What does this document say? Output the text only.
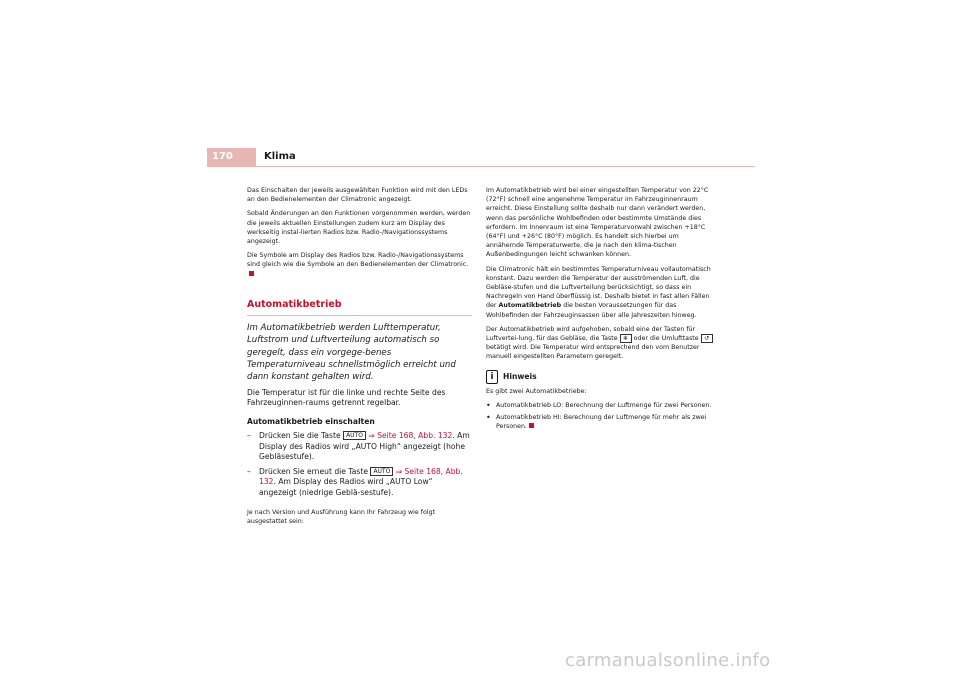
170	Klima

Das Einschalten der jeweils ausgewählten Funktion wird mit den LEDs an den Bedienelementen der Climatronic angezeigt.

Sobald Änderungen an den Funktionen vorgenommen werden, werden die jeweils aktuellen Einstellungen zudem kurz am Display des werkseitig instal-lierten Radios bzw. Radio-/Navigationssystems angezeigt.

Die Symbole am Display des Radios bzw. Radio-/Navigationssystems sind gleich wie die Symbole an den Bedienelementen der Climatronic.

Automatikbetrieb
Im Automatikbetrieb werden Lufttemperatur, Luftstrom und Luftverteilung automatisch so geregelt, dass ein vorgege-benes Temperaturniveau schnellstmöglich erreicht und dann konstant gehalten wird.
Die Temperatur ist für die linke und rechte Seite des Fahrzeuginnen-raums getrennt regelbar.
Automatikbetrieb einschalten
–	Drücken Sie die Taste AUTO ⇒ Seite 168, Abb. 132. Am Display des Radios wird „AUTO High“ angezeigt (hohe Gebläsestufe).
–	Drücken Sie erneut die Taste AUTO ⇒ Seite 168, Abb. 132. Am Display des Radios wird „AUTO Low“ angezeigt (niedrige Geblä-sestufe).

Je nach Version und Ausführung kann Ihr Fahrzeug wie folgt ausgestattet sein:

Im Automatikbetrieb wird bei einer eingestellten Temperatur von 22°C (72°F) schnell eine angenehme Temperatur im Fahrzeuginnenraum erreicht. Diese Einstellung sollte deshalb nur dann verändert werden, wenn das persönliche Wohlbefinden oder bestimmte Umstände dies erfordern. Im Innenraum ist eine Temperaturvorwahl zwischen +18°C (64°F) und +26°C (80°F) möglich. Es handelt sich hierbei um annähernde Temperaturwerte, die je nach den klima-tischen Außenbedingungen leicht schwanken können.

Die Climatronic hält ein bestimmtes Temperaturniveau vollautomatisch konstant. Dazu werden die Temperatur der ausströmenden Luft, die Gebläse-stufen und die Luftverteilung berücksichtigt, so dass ein Nachregeln von Hand überflüssig ist. Deshalb bietet in fast allen Fällen der Automatikbetrieb die besten Voraussetzungen für das Wohlbefinden der Fahrzeuginsassen über alle Jahreszeiten hinweg.

Der Automatikbetrieb wird aufgehoben, sobald eine der Tasten für Luftvertei-lung, für das Gebläse, die Taste ❄ oder die Umlufttaste ↺ betätigt wird. Die Temperatur wird entsprechend den vom Benutzer manuell eingestellten Parametern geregelt.

i	Hinweis

Es gibt zwei Automatikbetriebe:

• Automatikbetrieb LO: Berechnung der Luftmenge für zwei Personen.
• Automatikbetrieb HI: Berechnung der Luftmenge für mehr als zwei Personen.
carmanualsonline.info
